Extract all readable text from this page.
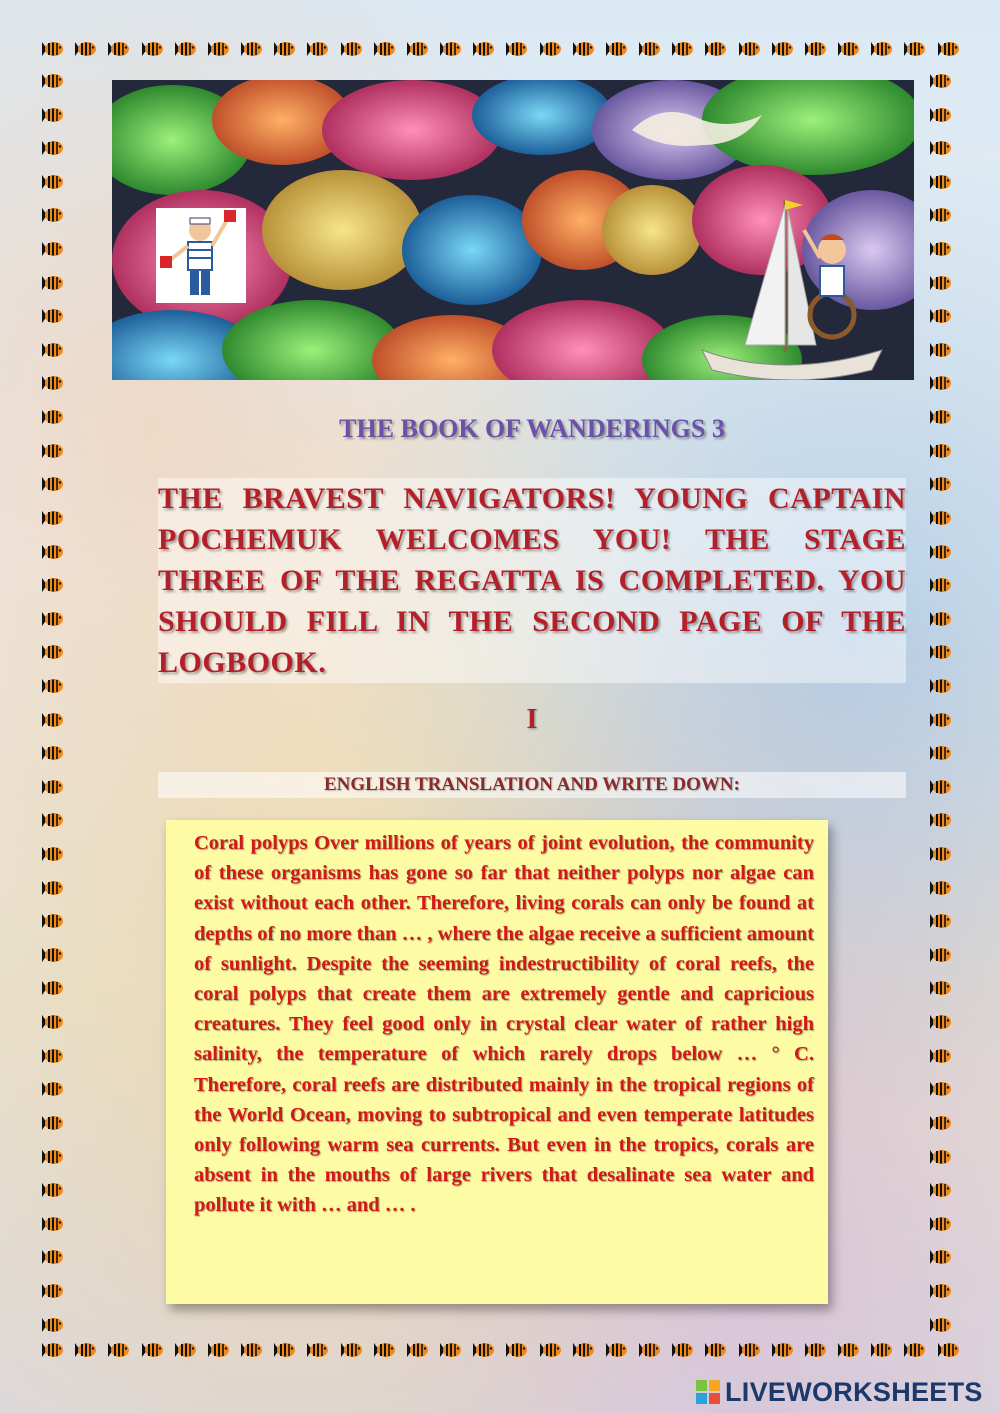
THE BOOK OF WANDERINGS 3
THE BRAVEST NAVIGATORS! YOUNG CAPTAIN POCHEMUK WELCOMES YOU! THE STAGE THREE OF THE REGATTA IS COMPLETED. YOU SHOULD FILL IN THE SECOND PAGE OF THE LOGBOOK.
I
ENGLISH TRANSLATION AND WRITE DOWN:

Coral polyps Over millions of years of joint evolution, the community of these organisms has gone so far that neither polyps nor algae can exist without each other. Therefore, living corals can only be found at depths of no more than … , where the algae receive a sufficient amount of sunlight. Despite the seeming indestructibility of coral reefs, the coral polyps that create them are extremely gentle and capricious creatures. They feel good only in crystal clear water of rather high salinity, the temperature of which rarely drops below … ° C. Therefore, coral reefs are distributed mainly in the tropical regions of the World Ocean, moving to subtropical and even temperate latitudes only following warm sea currents. But even in the tropics, corals are absent in the mouths of large rivers that desalinate sea water and pollute it with … and … .

LIVEWORKSHEETS
